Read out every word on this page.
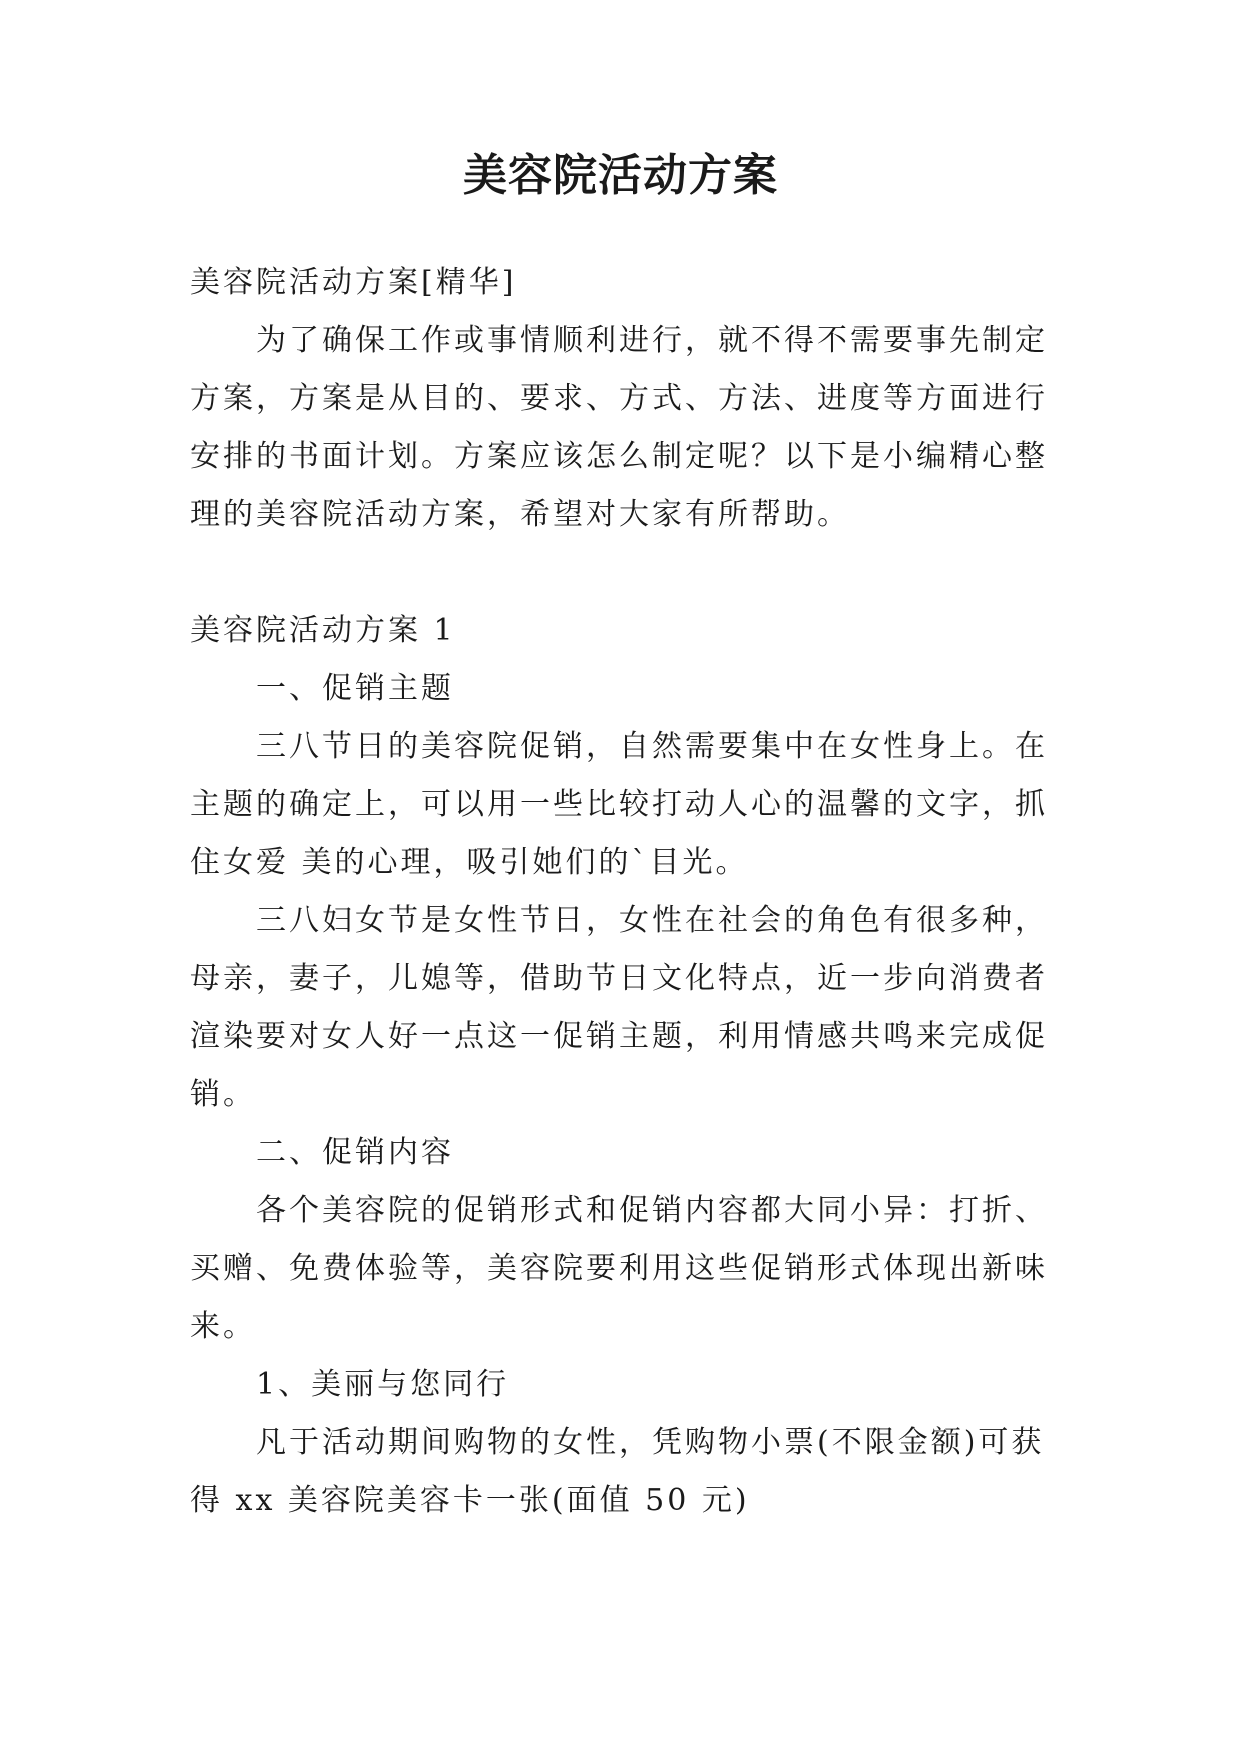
美容院活动方案
美容院活动方案[精华]
为了确保工作或事情顺利进行，就不得不需要事先制定
方案，方案是从目的、要求、方式、方法、进度等方面进行
安排的书面计划。方案应该怎么制定呢？以下是小编精心整
理的美容院活动方案，希望对大家有所帮助。
美容院活动方案 1
一、促销主题
三八节日的美容院促销，自然需要集中在女性身上。在
主题的确定上，可以用一些比较打动人心的温馨的文字，抓
住女爱 美的心理，吸引她们的`目光。
三八妇女节是女性节日，女性在社会的角色有很多种，
母亲，妻子，儿媳等，借助节日文化特点，近一步向消费者
渲染要对女人好一点这一促销主题，利用情感共鸣来完成促
销。
二、促销内容
各个美容院的促销形式和促销内容都大同小异：打折、
买赠、免费体验等，美容院要利用这些促销形式体现出新味
来。
1、美丽与您同行
凡于活动期间购物的女性，凭购物小票(不限金额)可获
得 xx 美容院美容卡一张(面值 50 元)
